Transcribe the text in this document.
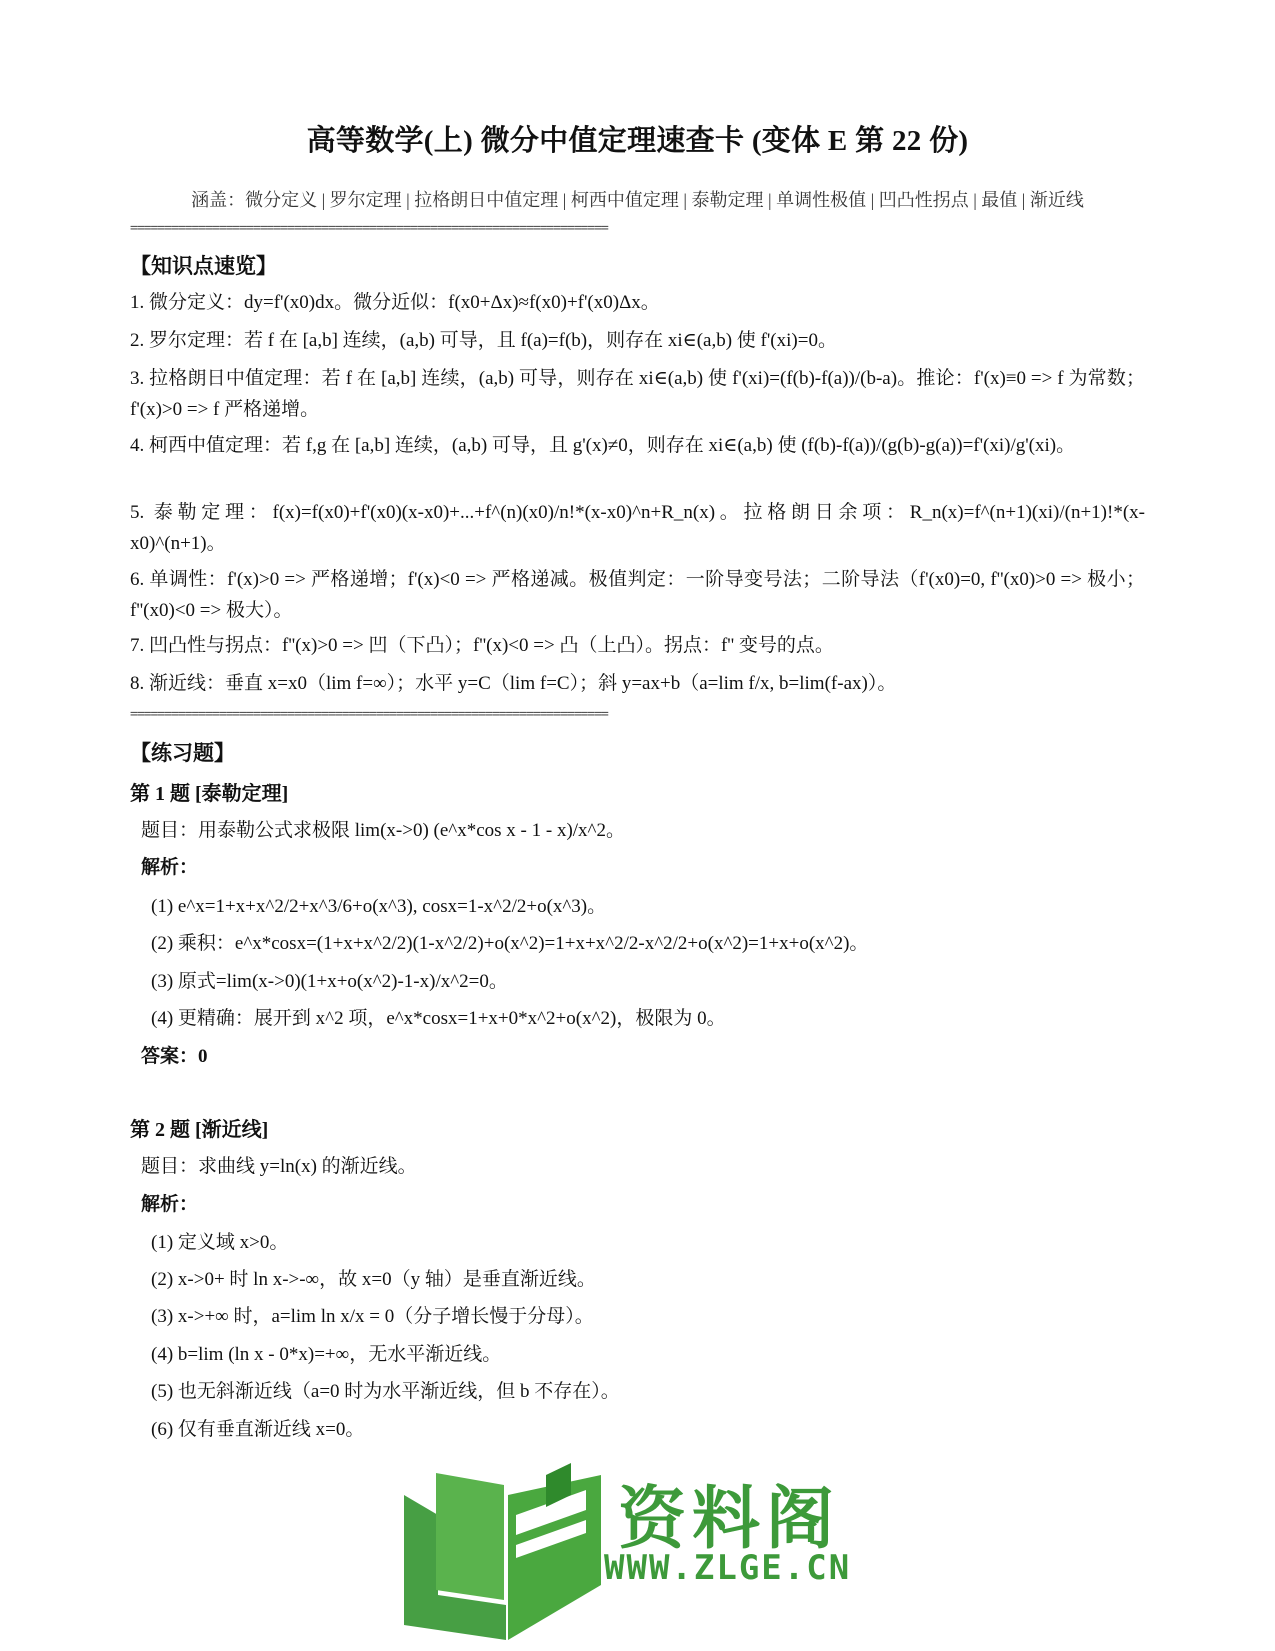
高等数学(上) 微分中值定理速查卡 (变体 E 第 22 份)
涵盖：微分定义 | 罗尔定理 | 拉格朗日中值定理 | 柯西中值定理 | 泰勒定理 | 单调性极值 | 凹凸性拐点 | 最值 | 渐近线
======================================================================
【知识点速览】
1. 微分定义：dy=f'(x0)dx。微分近似：f(x0+Δx)≈f(x0)+f'(x0)Δx。
2. 罗尔定理：若 f 在 [a,b] 连续，(a,b) 可导，且 f(a)=f(b)，则存在 xi∈(a,b) 使 f'(xi)=0。
3. 拉格朗日中值定理：若 f 在 [a,b] 连续，(a,b) 可导，则存在 xi∈(a,b) 使 f'(xi)=(f(b)-f(a))/(b-a)。推论：f'(x)≡0 => f 为常数；f'(x)>0 => f 严格递增。
4. 柯西中值定理：若 f,g 在 [a,b] 连续，(a,b) 可导，且 g'(x)≠0，则存在 xi∈(a,b) 使 (f(b)-f(a))/(g(b)-g(a))=f'(xi)/g'(xi)。
5. 泰勒定理：f(x)=f(x0)+f'(x0)(x-x0)+...+f^(n)(x0)/n!*(x-x0)^n+R_n(x)。拉格朗日余项：R_n(x)=f^(n+1)(xi)/(n+1)!*(x-x0)^(n+1)。
6. 单调性：f'(x)>0 => 严格递增；f'(x)<0 => 严格递减。极值判定：一阶导变号法；二阶导法（f'(x0)=0, f''(x0)>0 => 极小；f''(x0)<0 => 极大）。
7. 凹凸性与拐点：f''(x)>0 => 凹（下凸）；f''(x)<0 => 凸（上凸）。拐点：f'' 变号的点。
8. 渐近线：垂直 x=x0（lim f=∞）；水平 y=C（lim f=C）；斜 y=ax+b（a=lim f/x, b=lim(f-ax)）。
======================================================================
【练习题】
第 1 题 [泰勒定理]
题目：用泰勒公式求极限 lim(x->0) (e^x*cos x - 1 - x)/x^2。
解析：
(1) e^x=1+x+x^2/2+x^3/6+o(x^3), cosx=1-x^2/2+o(x^3)。
(2) 乘积：e^x*cosx=(1+x+x^2/2)(1-x^2/2)+o(x^2)=1+x+x^2/2-x^2/2+o(x^2)=1+x+o(x^2)。
(3) 原式=lim(x->0)(1+x+o(x^2)-1-x)/x^2=0。
(4) 更精确：展开到 x^2 项，e^x*cosx=1+x+0*x^2+o(x^2)，极限为 0。
答案：0
第 2 题 [渐近线]
题目：求曲线 y=ln(x) 的渐近线。
解析：
(1) 定义域 x>0。
(2) x->0+ 时 ln x->-∞，故 x=0（y 轴）是垂直渐近线。
(3) x->+∞ 时，a=lim ln x/x = 0（分子增长慢于分母）。
(4) b=lim (ln x - 0*x)=+∞，无水平渐近线。
(5) 也无斜渐近线（a=0 时为水平渐近线，但 b 不存在）。
(6) 仅有垂直渐近线 x=0。
资料阁
WWW.ZLGE.CN
